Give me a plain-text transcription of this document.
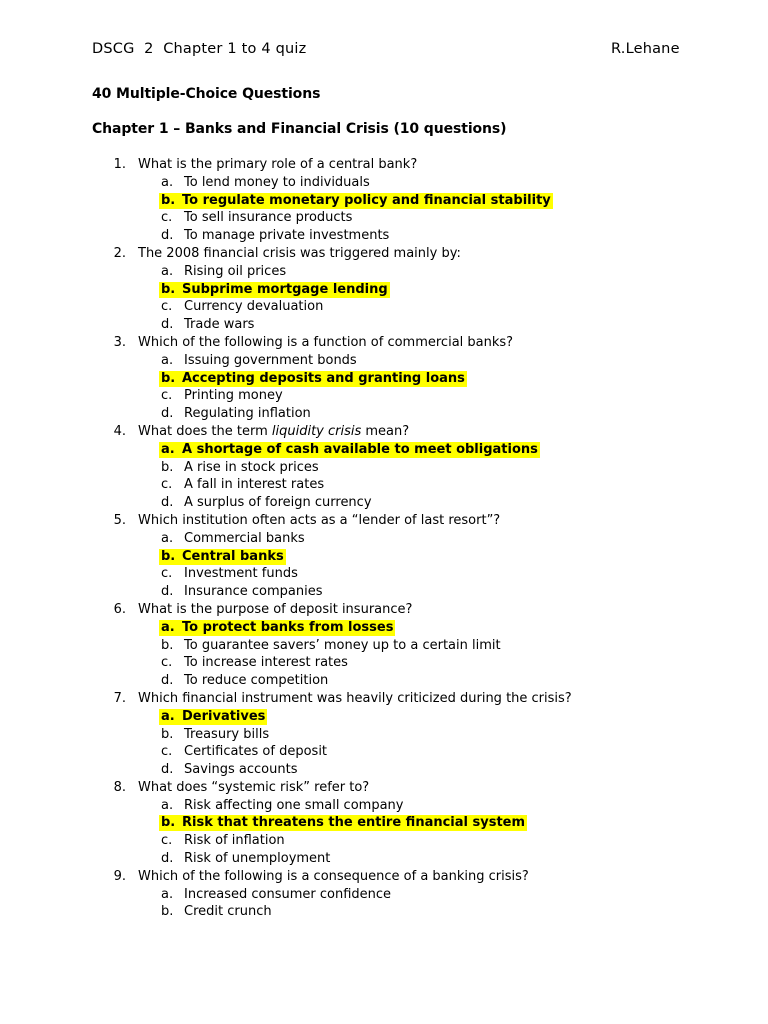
DSCG  2  Chapter 1 to 4 quiz	R.Lehane
40 Multiple-Choice Questions
Chapter 1 – Banks and Financial Crisis (10 questions)
1. What is the primary role of a central bank?
a. To lend money to individuals
b. To regulate monetary policy and financial stability
c. To sell insurance products
d. To manage private investments
2. The 2008 financial crisis was triggered mainly by:
a. Rising oil prices
b. Subprime mortgage lending
c. Currency devaluation
d. Trade wars
3. Which of the following is a function of commercial banks?
a. Issuing government bonds
b. Accepting deposits and granting loans
c. Printing money
d. Regulating inflation
4. What does the term liquidity crisis mean?
a. A shortage of cash available to meet obligations
b. A rise in stock prices
c. A fall in interest rates
d. A surplus of foreign currency
5. Which institution often acts as a “lender of last resort”?
a. Commercial banks
b. Central banks
c. Investment funds
d. Insurance companies
6. What is the purpose of deposit insurance?
a. To protect banks from losses
b. To guarantee savers’ money up to a certain limit
c. To increase interest rates
d. To reduce competition
7. Which financial instrument was heavily criticized during the crisis?
a. Derivatives
b. Treasury bills
c. Certificates of deposit
d. Savings accounts
8. What does “systemic risk” refer to?
a. Risk affecting one small company
b. Risk that threatens the entire financial system
c. Risk of inflation
d. Risk of unemployment
9. Which of the following is a consequence of a banking crisis?
a. Increased consumer confidence
b. Credit crunch
